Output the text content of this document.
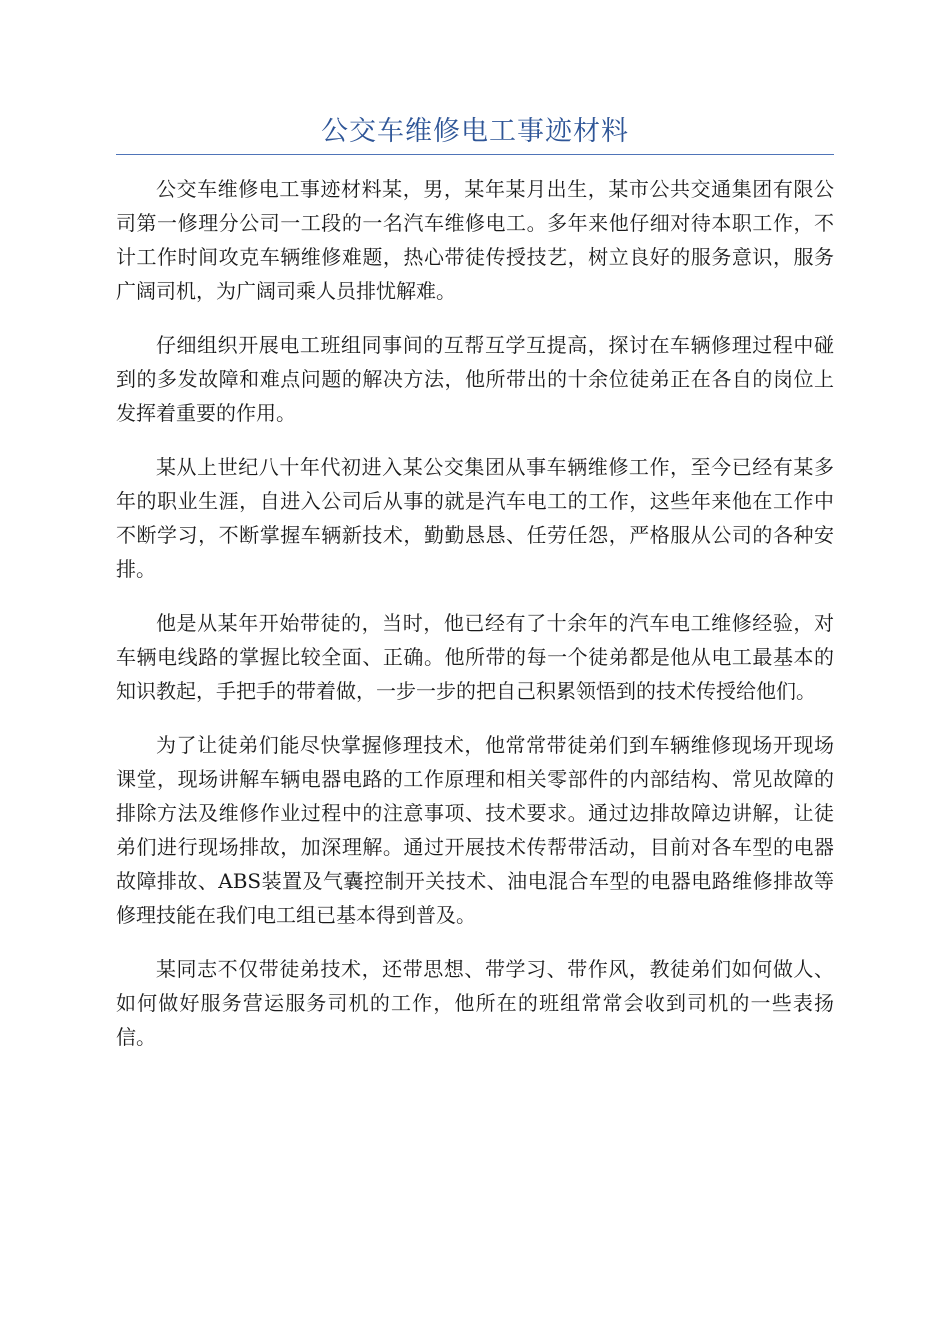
公交车维修电工事迹材料

公交车维修电工事迹材料某，男，某年某月出生，某市公共交通集团有限公司第一修理分公司一工段的一名汽车维修电工。多年来他仔细对待本职工作，不计工作时间攻克车辆维修难题，热心带徒传授技艺，树立良好的服务意识，服务广阔司机，为广阔司乘人员排忧解难。

仔细组织开展电工班组同事间的互帮互学互提高，探讨在车辆修理过程中碰到的多发故障和难点问题的解决方法，他所带出的十余位徒弟正在各自的岗位上发挥着重要的作用。

某从上世纪八十年代初进入某公交集团从事车辆维修工作，至今已经有某多年的职业生涯，自进入公司后从事的就是汽车电工的工作，这些年来他在工作中不断学习，不断掌握车辆新技术，勤勤恳恳、任劳任怨，严格服从公司的各种安排。

他是从某年开始带徒的，当时，他已经有了十余年的汽车电工维修经验，对车辆电线路的掌握比较全面、正确。他所带的每一个徒弟都是他从电工最基本的知识教起，手把手的带着做，一步一步的把自己积累领悟到的技术传授给他们。

为了让徒弟们能尽快掌握修理技术，他常常带徒弟们到车辆维修现场开现场课堂，现场讲解车辆电器电路的工作原理和相关零部件的内部结构、常见故障的排除方法及维修作业过程中的注意事项、技术要求。通过边排故障边讲解，让徒弟们进行现场排故，加深理解。通过开展技术传帮带活动，目前对各车型的电器故障排故、ABS装置及气囊控制开关技术、油电混合车型的电器电路维修排故等修理技能在我们电工组已基本得到普及。

某同志不仅带徒弟技术，还带思想、带学习、带作风，教徒弟们如何做人、如何做好服务营运服务司机的工作，他所在的班组常常会收到司机的一些表扬信。
